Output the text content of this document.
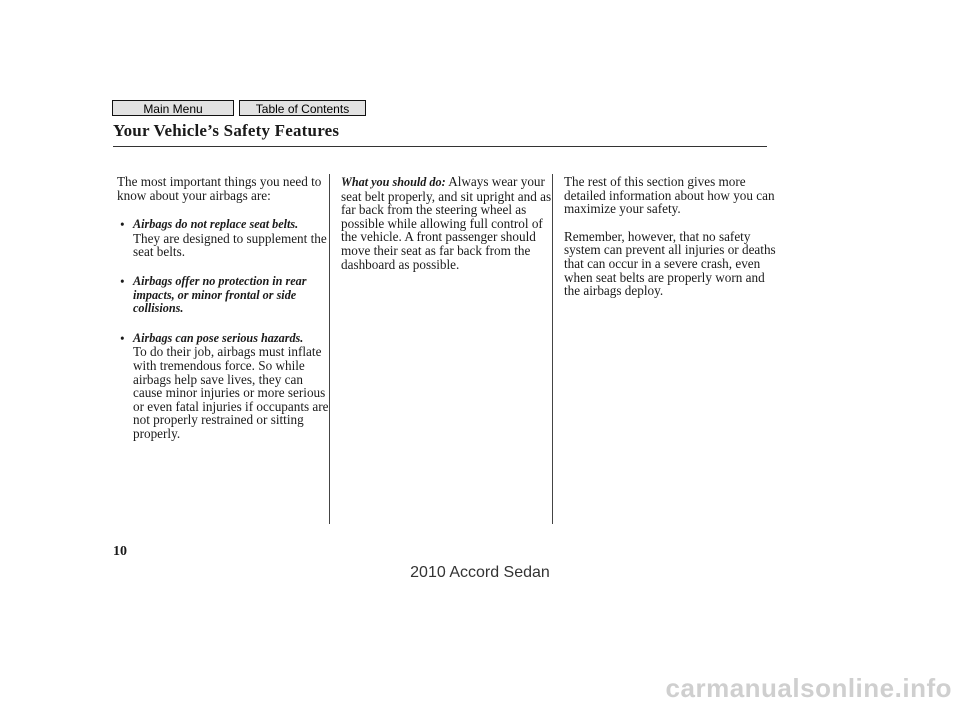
Main Menu	Table of Contents
Your Vehicle’s Safety Features

The most important things you need to know about your airbags are:

• Airbags do not replace seat belts.
They are designed to supplement the seat belts.
• Airbags offer no protection in rear impacts, or minor frontal or side collisions.
• Airbags can pose serious hazards.
To do their job, airbags must inflate with tremendous force. So while airbags help save lives, they can cause minor injuries or more serious or even fatal injuries if occupants are not properly restrained or sitting properly.

What you should do: Always wear your seat belt properly, and sit upright and as far back from the steering wheel as possible while allowing full control of the vehicle. A front passenger should move their seat as far back from the dashboard as possible.

The rest of this section gives more detailed information about how you can maximize your safety.

Remember, however, that no safety system can prevent all injuries or deaths that can occur in a severe crash, even when seat belts are properly worn and the airbags deploy.

10
2010 Accord Sedan
carmanualsonline.info
